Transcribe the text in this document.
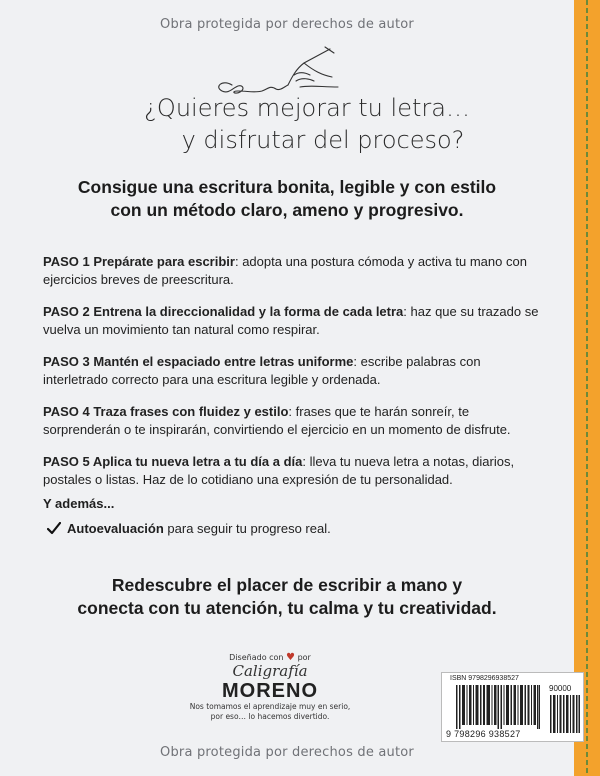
Obra protegida por derechos de autor
¿Quieres mejorar tu letra…
y disfrutar del proceso?
Consigue una escritura bonita, legible y con estilo
con un método claro, ameno y progresivo.

PASO 1 Prepárate para escribir: adopta una postura cómoda y activa tu mano con ejercicios breves de preescritura.

PASO 2 Entrena la direccionalidad y la forma de cada letra: haz que su trazado se vuelva un movimiento tan natural como respirar.

PASO 3 Mantén el espaciado entre letras uniforme: escribe palabras con interletrado correcto para una escritura legible y ordenada.

PASO 4 Traza frases con fluidez y estilo: frases que te harán sonreír, te sorprenderán o te inspirarán, convirtiendo el ejercicio en un momento de disfrute.

PASO 5 Aplica tu nueva letra a tu día a día: lleva tu nueva letra a notas, diarios, postales o listas. Haz de lo cotidiano una expresión de tu personalidad.

Y además...
Autoevaluación para seguir tu progreso real.
Redescubre el placer de escribir a mano y
conecta con tu atención, tu calma y tu creatividad.
Diseñado con ♥ por
Caligrafía
MORENO
Nos tomamos el aprendizaje muy en serio,
por eso… lo hacemos divertido.
ISBN 9798296938527
90000
9 798296 938527
Obra protegida por derechos de autor
